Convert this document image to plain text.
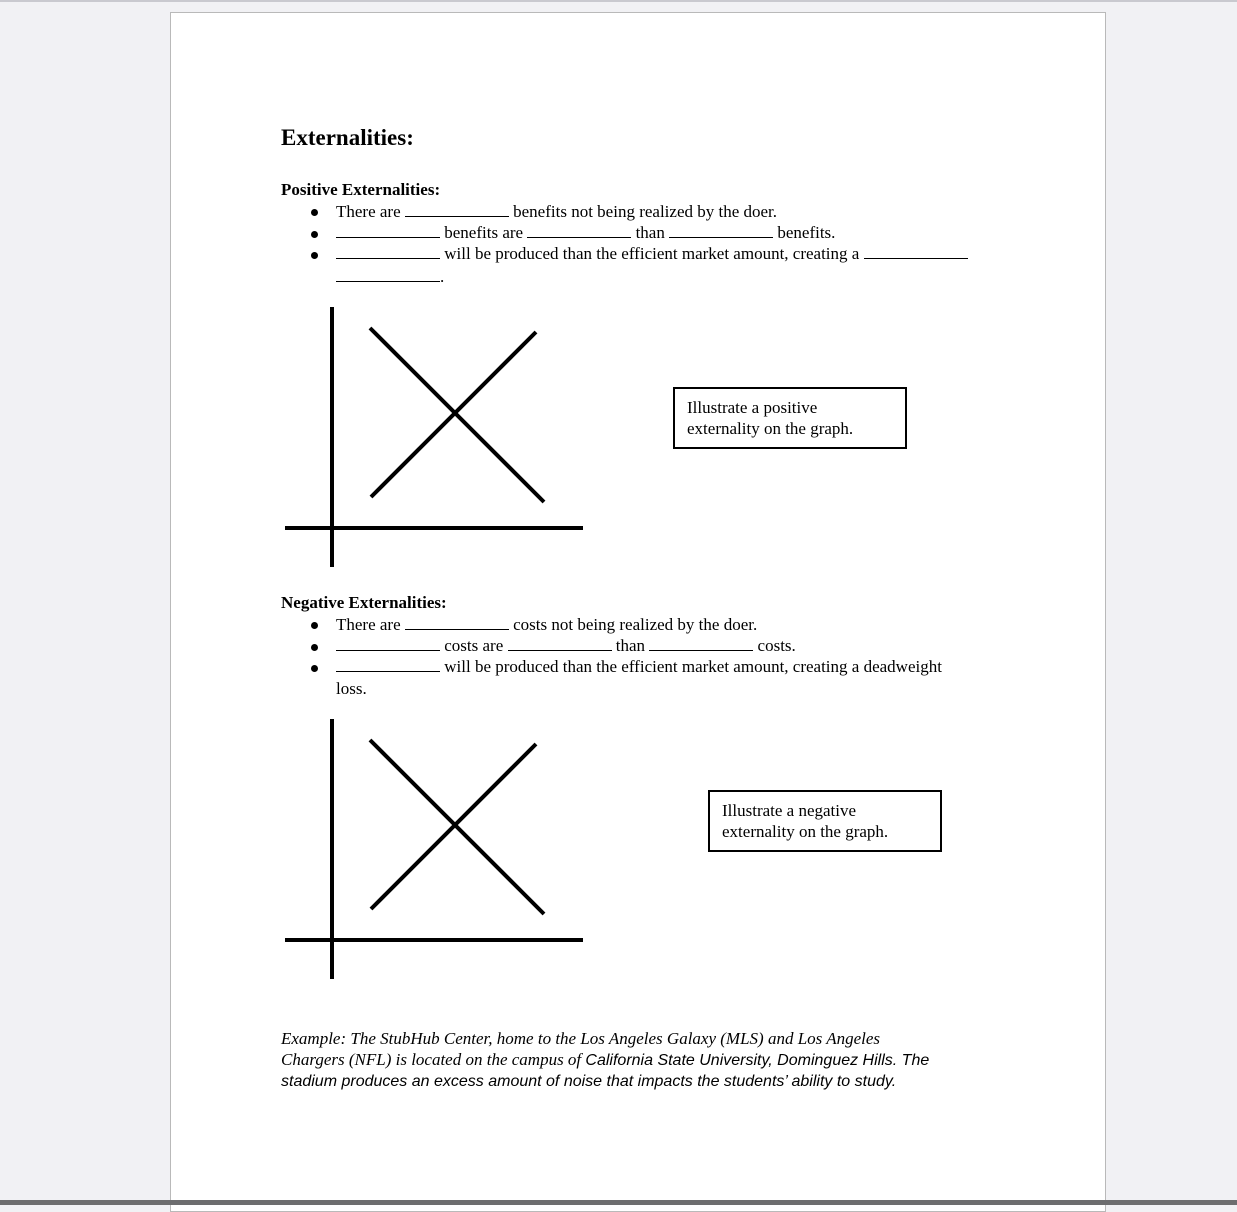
Externalities:
Positive Externalities:
There are	benefits not being realized by the doer.
benefits are	than	benefits.
will be produced than the efficient market amount, creating a
.
Illustrate a positive
externality on the graph.
Negative Externalities:
There are	costs not being realized by the doer.
costs are	than	costs.
will be produced than the efficient market amount, creating a deadweight
loss.
Illustrate a negative
externality on the graph.
Example: The StubHub Center, home to the Los Angeles Galaxy (MLS) and Los Angeles
Chargers (NFL) is located on the campus of California State University, Dominguez Hills. The
stadium produces an excess amount of noise that impacts the students’ ability to study.
